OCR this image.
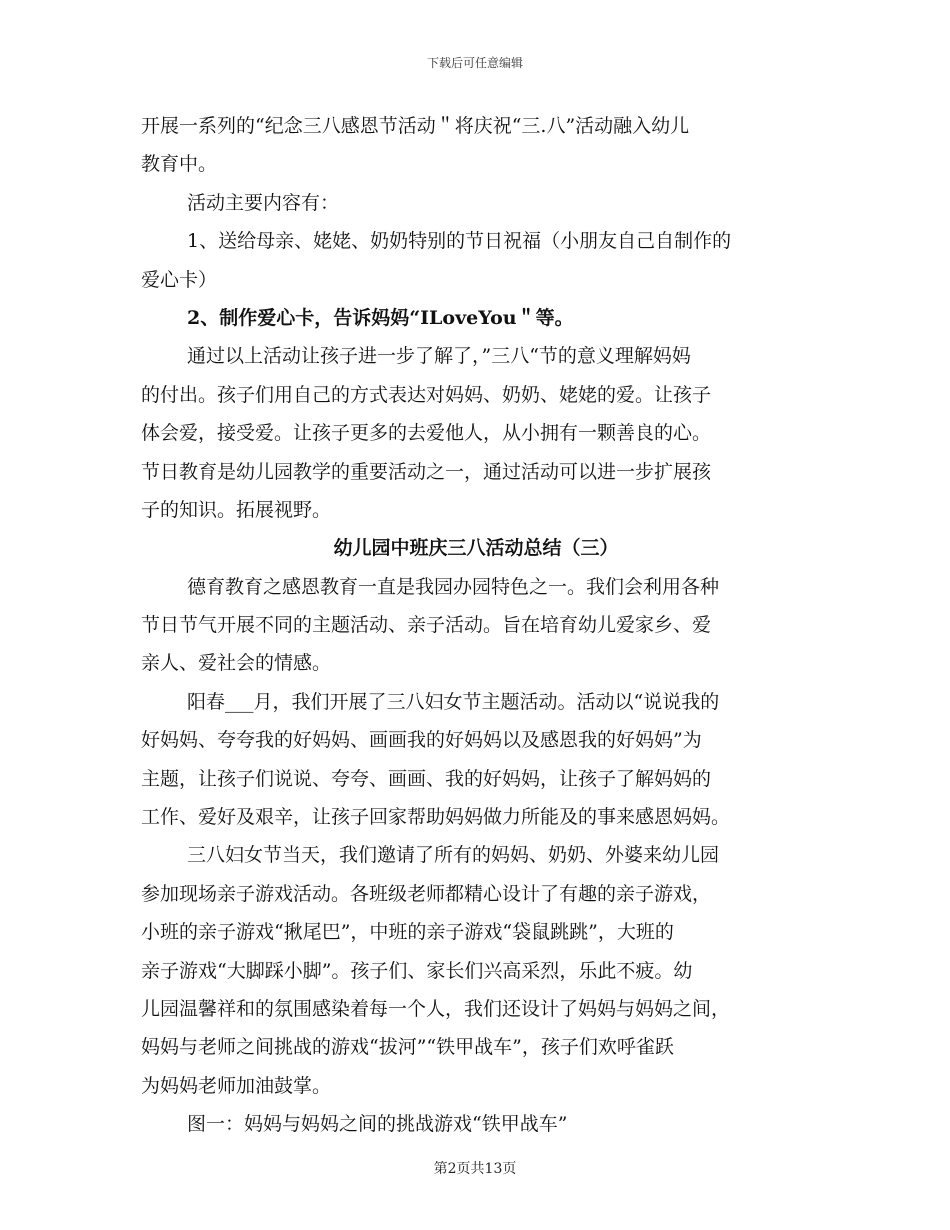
下载后可任意编辑
开展一系列的“纪念三八感恩节活动＂将庆祝“三.八”活动融入幼儿
教育中。
活动主要内容有：
1、送给母亲、姥姥、奶奶特别的节日祝福（小朋友自己自制作的
爱心卡）
2、制作爱心卡，告诉妈妈“ILoveYou＂等。
通过以上活动让孩子进一步了解了，”三八“节的意义理解妈妈
的付出。孩子们用自己的方式表达对妈妈、奶奶、姥姥的爱。让孩子
体会爱，接受爱。让孩子更多的去爱他人，从小拥有一颗善良的心。
节日教育是幼儿园教学的重要活动之一，通过活动可以进一步扩展孩
子的知识。拓展视野。
幼儿园中班庆三八活动总结（三）
德育教育之感恩教育一直是我园办园特色之一。我们会利用各种
节日节气开展不同的主题活动、亲子活动。旨在培育幼儿爱家乡、爱
亲人、爱社会的情感。
阳春___月，我们开展了三八妇女节主题活动。活动以“说说我的
好妈妈、夸夸我的好妈妈、画画我的好妈妈以及感恩我的好妈妈”为
主题，让孩子们说说、夸夸、画画、我的好妈妈，让孩子了解妈妈的
工作、爱好及艰辛，让孩子回家帮助妈妈做力所能及的事来感恩妈妈。
三八妇女节当天，我们邀请了所有的妈妈、奶奶、外婆来幼儿园
参加现场亲子游戏活动。各班级老师都精心设计了有趣的亲子游戏，
小班的亲子游戏“揪尾巴”，中班的亲子游戏“袋鼠跳跳”，大班的
亲子游戏“大脚踩小脚”。孩子们、家长们兴高采烈，乐此不疲。幼
儿园温馨祥和的氛围感染着每一个人，我们还设计了妈妈与妈妈之间，
妈妈与老师之间挑战的游戏“拔河”“铁甲战车”，孩子们欢呼雀跃
为妈妈老师加油鼓掌。
图一：妈妈与妈妈之间的挑战游戏“铁甲战车”
第2页共13页
